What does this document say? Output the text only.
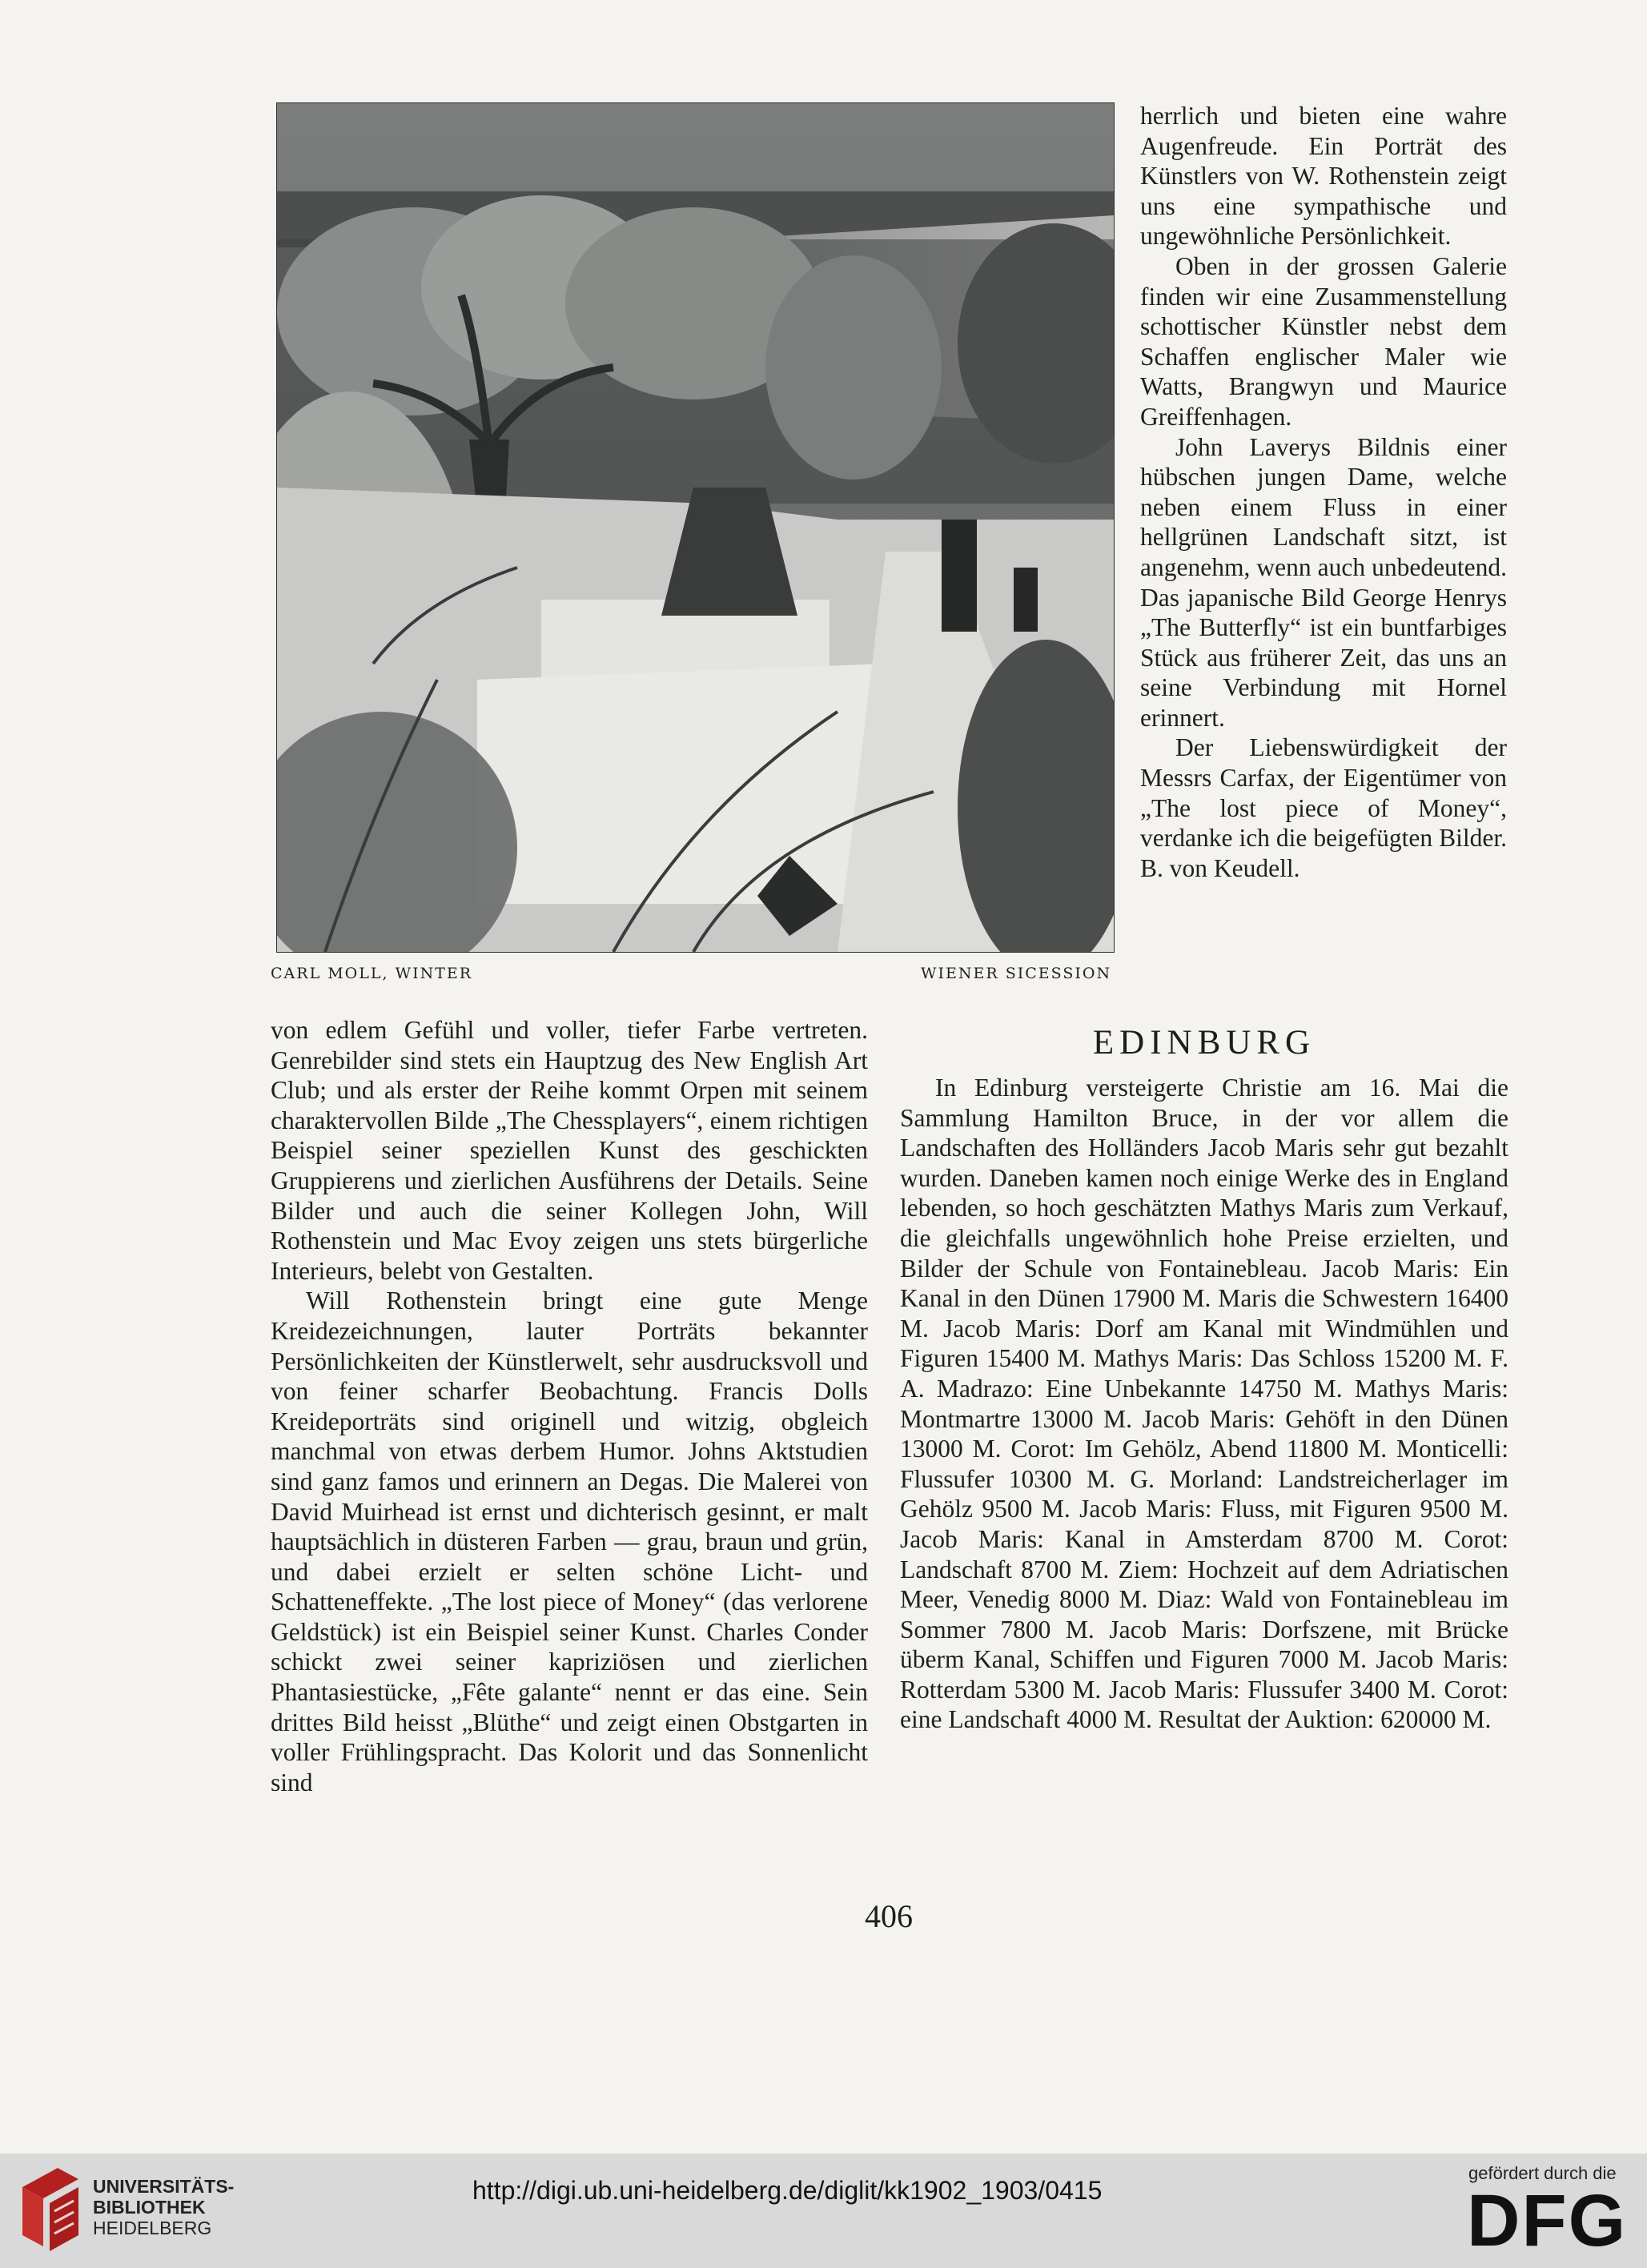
CARL MOLL, WINTER	WIENER SICESSION

herrlich und bieten eine wahre Augenfreude. Ein Porträt des Künstlers von W. Rothenstein zeigt uns eine sympathische und ungewöhnliche Persönlichkeit.

Oben in der grossen Galerie finden wir eine Zusammenstellung schottischer Künstler nebst dem Schaffen englischer Maler wie Watts, Brangwyn und Maurice Greiffenhagen.

John Laverys Bildnis einer hübschen jungen Dame, welche neben einem Fluss in einer hellgrünen Landschaft sitzt, ist angenehm, wenn auch unbedeutend. Das japanische Bild George Henrys „The Butterfly“ ist ein buntfarbiges Stück aus früherer Zeit, das uns an seine Verbindung mit Hornel erinnert.

Der Liebenswürdigkeit der Messrs Carfax, der Eigentümer von „The lost piece of Money“, verdanke ich die beigefügten Bilder. B. von Keudell.

von edlem Gefühl und voller, tiefer Farbe vertreten. Genrebilder sind stets ein Hauptzug des New English Art Club; und als erster der Reihe kommt Orpen mit seinem charaktervollen Bilde „The Chessplayers“, einem richtigen Beispiel seiner speziellen Kunst des geschickten Gruppierens und zierlichen Ausführens der Details. Seine Bilder und auch die seiner Kollegen John, Will Rothenstein und Mac Evoy zeigen uns stets bürgerliche Interieurs, belebt von Gestalten.

Will Rothenstein bringt eine gute Menge Kreidezeichnungen, lauter Porträts bekannter Persönlichkeiten der Künstlerwelt, sehr ausdrucksvoll und von feiner scharfer Beobachtung. Francis Dolls Kreideporträts sind originell und witzig, obgleich manchmal von etwas derbem Humor. Johns Aktstudien sind ganz famos und erinnern an Degas. Die Malerei von David Muirhead ist ernst und dichterisch gesinnt, er malt hauptsächlich in düsteren Farben — grau, braun und grün, und dabei erzielt er selten schöne Licht- und Schatteneffekte. „The lost piece of Money“ (das verlorene Geldstück) ist ein Beispiel seiner Kunst. Charles Conder schickt zwei seiner kapriziösen und zierlichen Phantasiestücke, „Fête galante“ nennt er das eine. Sein drittes Bild heisst „Blüthe“ und zeigt einen Obstgarten in voller Frühlingspracht. Das Kolorit und das Sonnenlicht sind

EDINBURG

In Edinburg versteigerte Christie am 16. Mai die Sammlung Hamilton Bruce, in der vor allem die Landschaften des Holländers Jacob Maris sehr gut bezahlt wurden. Daneben kamen noch einige Werke des in England lebenden, so hoch geschätzten Mathys Maris zum Verkauf, die gleichfalls ungewöhnlich hohe Preise erzielten, und Bilder der Schule von Fontainebleau. Jacob Maris: Ein Kanal in den Dünen 17900 M. Maris die Schwestern 16400 M. Jacob Maris: Dorf am Kanal mit Windmühlen und Figuren 15400 M. Mathys Maris: Das Schloss 15200 M. F. A. Madrazo: Eine Unbekannte 14750 M. Mathys Maris: Montmartre 13000 M. Jacob Maris: Gehöft in den Dünen 13000 M. Corot: Im Gehölz, Abend 11800 M. Monticelli: Flussufer 10300 M. G. Morland: Landstreicherlager im Gehölz 9500 M. Jacob Maris: Fluss, mit Figuren 9500 M. Jacob Maris: Kanal in Amsterdam 8700 M. Corot: Landschaft 8700 M. Ziem: Hochzeit auf dem Adriatischen Meer, Venedig 8000 M. Diaz: Wald von Fontainebleau im Sommer 7800 M. Jacob Maris: Dorfszene, mit Brücke überm Kanal, Schiffen und Figuren 7000 M. Jacob Maris: Rotterdam 5300 M. Jacob Maris: Flussufer 3400 M. Corot: eine Landschaft 4000 M. Resultat der Auktion: 620000 M.

406
UNIVERSITÄTS-
BIBLIOTHEK
HEIDELBERG
http://digi.ub.uni-heidelberg.de/diglit/kk1902_1903/0415
gefördert durch die
DFG
